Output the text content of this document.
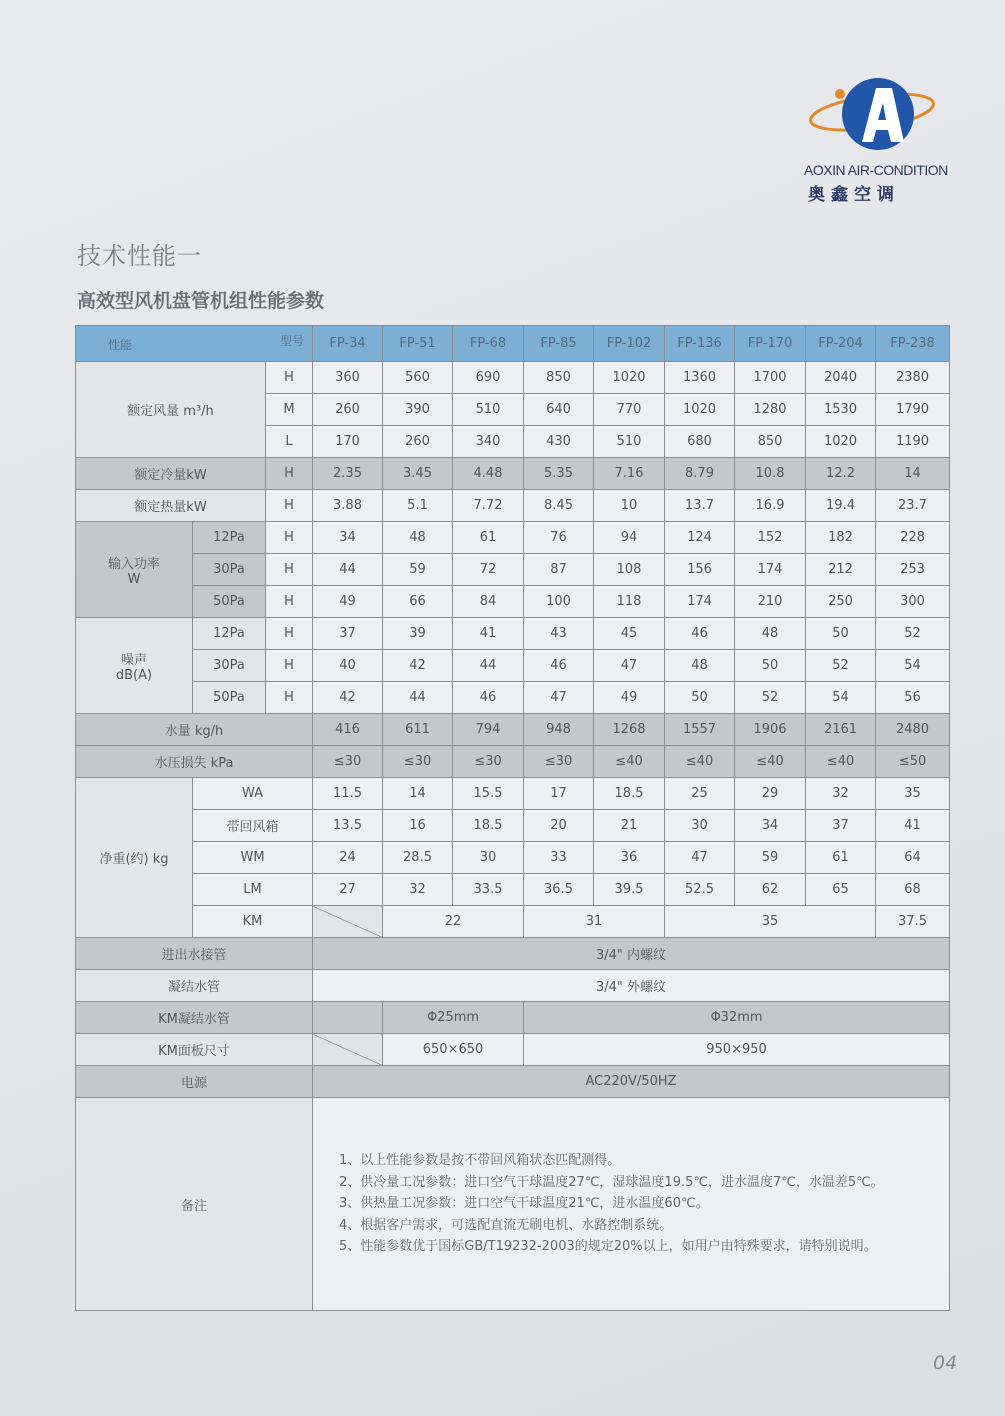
AOXIN AIR-CONDITION
奥鑫空调
技术性能一
高效型风机盘管机组性能参数
性能 型号			FP-34	FP-51	FP-68	FP-85	FP-102	FP-136	FP-170	FP-204	FP-238
额定风量 m³/h		H	360	560	690	850	1020	1360	1700	2040	2380
		M	260	390	510	640	770	1020	1280	1530	1790
		L	170	260	340	430	510	680	850	1020	1190
额定冷量kW		H	2.35	3.45	4.48	5.35	7.16	8.79	10.8	12.2	14
额定热量kW		H	3.88	5.1	7.72	8.45	10	13.7	16.9	19.4	23.7

输入功率
W	12Pa	H	34	48	61	76	94	124	152	182	228
	30Pa	H	44	59	72	87	108	156	174	212	253
	50Pa	H	49	66	84	100	118	174	210	250	300

噪声
dB(A)	12Pa	H	37	39	41	43	45	46	48	50	52
	30Pa	H	40	42	44	46	47	48	50	52	54
	50Pa	H	42	44	46	47	49	50	52	54	56
水量 kg/h			416	611	794	948	1268	1557	1906	2161	2480
水压损失 kPa			≤30	≤30	≤30	≤30	≤40	≤40	≤40	≤40	≤50
净重(约) kg	WA		11.5	14	15.5	17	18.5	25	29	32	35
	带回风箱		13.5	16	18.5	20	21	30	34	37	41
	WM		24	28.5	30	33	36	47	59	61	64
	LM		27	32	33.5	36.5	39.5	52.5	62	65	68
	KM			22		31		35			37.5
进出水接管			3/4" 内螺纹								
凝结水管			3/4" 外螺纹								
KM凝结水管				Φ25mm		Φ32mm					
KM面板尺寸				650×650		950×950					
电源			AC220V/50HZ								
备注			1、以上性能参数是按不带回风箱状态匹配测得。
2、供冷量工况参数：进口空气干球温度27℃，湿球温度19.5℃，进水温度7℃，水温差5℃。
3、供热量工况参数：进口空气干球温度21℃，进水温度60℃。
4、根据客户需求，可选配直流无刷电机、水路控制系统。
5、性能参数优于国标GB/T19232-2003的规定20%以上，如用户由特殊要求，请特别说明。								
04
